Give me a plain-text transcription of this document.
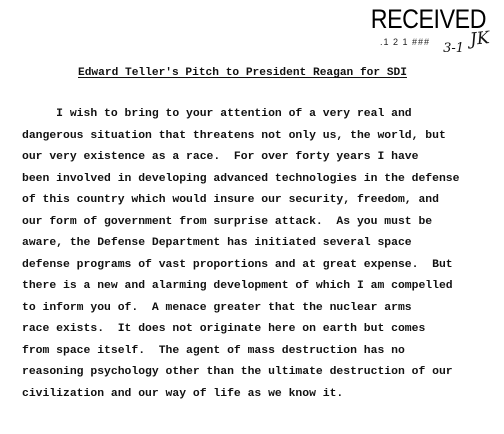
RECEIVED
.1 2 1 ### 3-1 JK
Edward Teller's Pitch to President Reagan for SDI
I wish to bring to your attention of a very real and
dangerous situation that threatens not only us, the world, but
our very existence as a race.  For over forty years I have
been involved in developing advanced technologies in the defense
of this country which would insure our security, freedom, and
our form of government from surprise attack.  As you must be
aware, the Defense Department has initiated several space
defense programs of vast proportions and at great expense.  But
there is a new and alarming development of which I am compelled
to inform you of.  A menace greater that the nuclear arms
race exists.  It does not originate here on earth but comes
from space itself.  The agent of mass destruction has no
reasoning psychology other than the ultimate destruction of our
civilization and our way of life as we know it.
